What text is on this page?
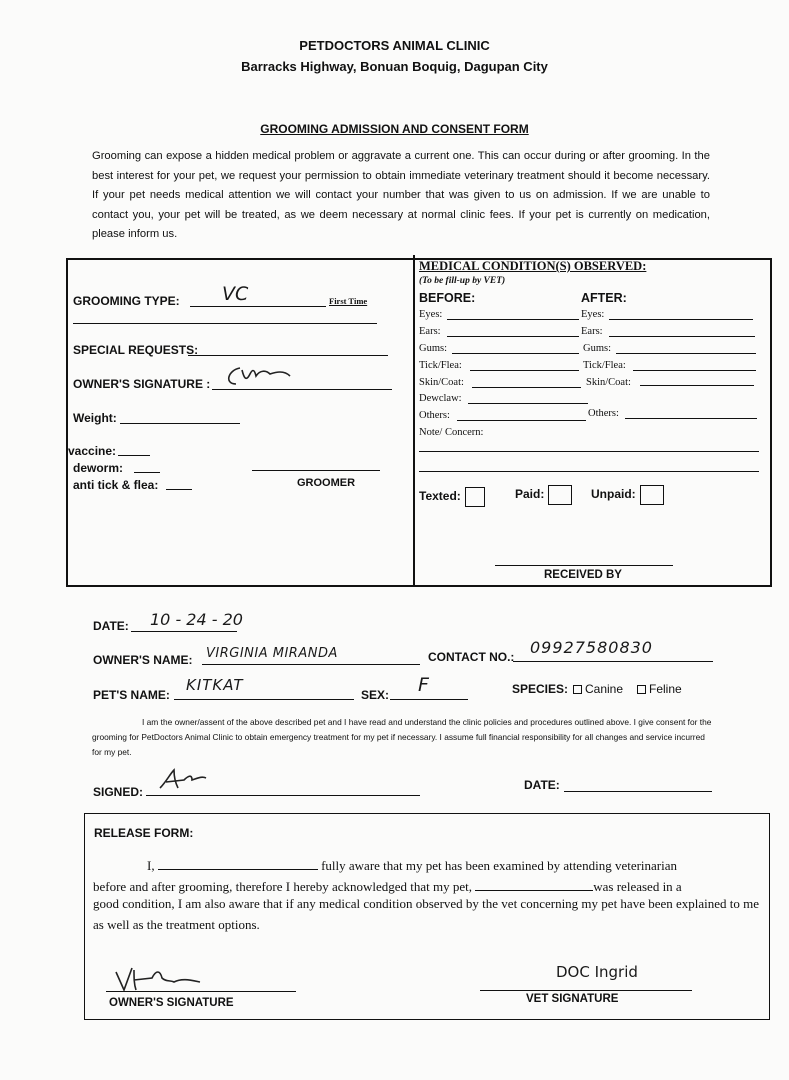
PETDOCTORS ANIMAL CLINIC
Barracks Highway, Bonuan Boquig, Dagupan City
GROOMING ADMISSION AND CONSENT FORM
Grooming can expose a hidden medical problem or aggravate a current one. This can occur during or after grooming. In the best interest for your pet, we request your permission to obtain immediate veterinary treatment should it become necessary. If your pet needs medical attention we will contact your number that was given to us on admission. If we are unable to contact you, your pet will be treated, as we deem necessary at normal clinic fees. If your pet is currently on medication, please inform us.
GROOMING TYPE: VC	First Time
SPECIAL REQUESTS:
OWNER'S SIGNATURE :
Weight:
vaccine:
deworm:
anti tick & flea:	GROOMER
MEDICAL CONDITION(S) OBSERVED:
(To be fill-up by VET)
BEFORE:	AFTER:
Eyes:	Eyes:
Ears:	Ears:
Gums:	Gums:
Tick/Flea:	Tick/Flea:
Skin/Coat:	Skin/Coat:
Dewclaw:
Others:	Others:
Note/ Concern:
Texted:	Paid:	Unpaid:
RECEIVED BY
DATE: 10 - 24 - 20
OWNER'S NAME: VIRGINIA MIRANDA	CONTACT NO.: 09927580830
PET'S NAME:
KITKAT
SEX: F	SPECIES:	Canine	Feline
I am the owner/assent of the above described pet and I have read and understand the clinic policies and procedures outlined above. I give consent for the grooming for PetDoctors Animal Clinic to obtain emergency treatment for my pet if necessary. I assume full financial responsibility for all changes and service incurred for my pet.
SIGNED:	DATE:
RELEASE FORM:
I,	fully aware that my pet has been examined by attending veterinarian
before and after grooming, therefore I hereby acknowledged that my pet,	was released in a
good condition, I am also aware that if any medical condition observed by the vet concerning my pet have been explained to me as well as the treatment options.
OWNER'S SIGNATURE
DOC Ingrid
VET SIGNATURE
